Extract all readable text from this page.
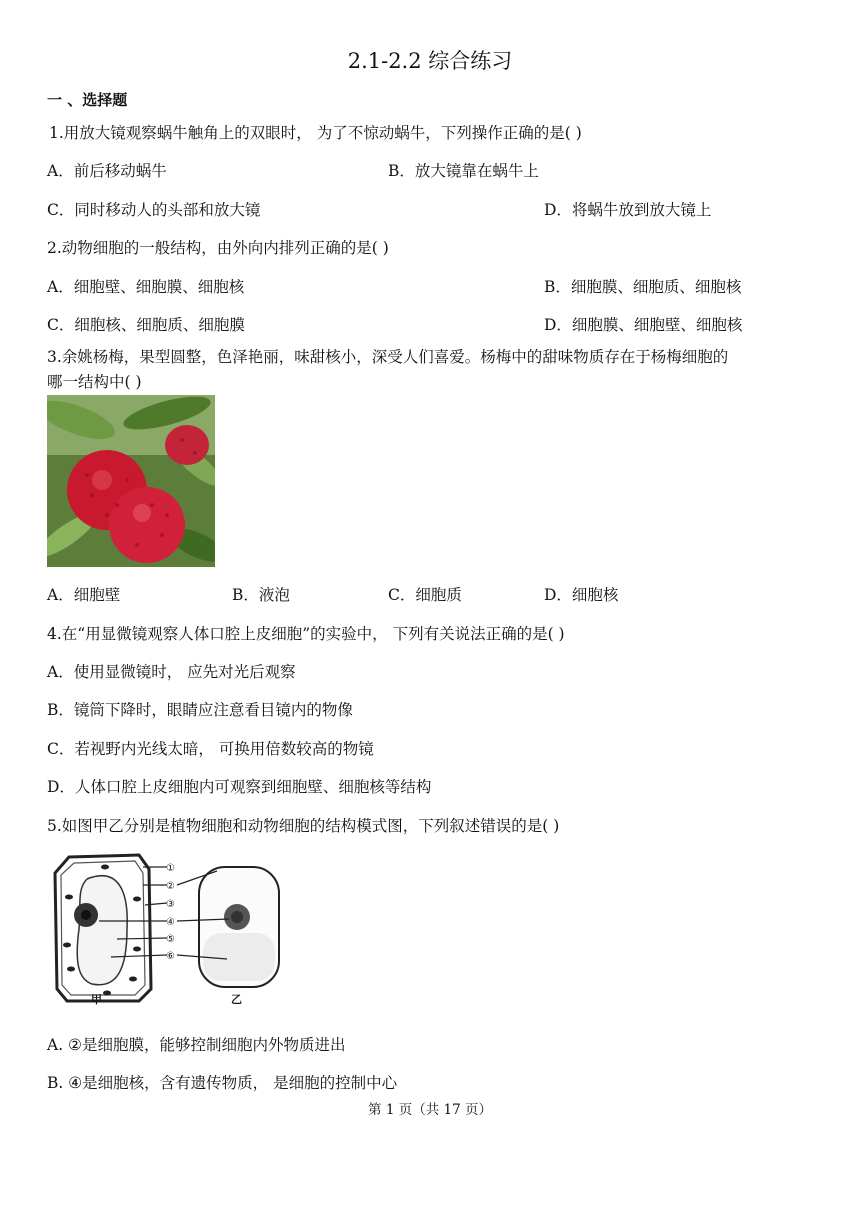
2.1-2.2 综合练习
一 、选择题
1.用放大镜观察蜗牛触角上的双眼时， 为了不惊动蜗牛，下列操作正确的是( )
A．前后移动蜗牛	B．放大镜靠在蜗牛上
C．同时移动人的头部和放大镜	D．将蜗牛放到放大镜上
2.动物细胞的一般结构，由外向内排列正确的是( )
A．细胞壁、细胞膜、细胞核	B．细胞膜、细胞质、细胞核
C．细胞核、细胞质、细胞膜	D．细胞膜、细胞壁、细胞核
3.余姚杨梅，果型圆整，色泽艳丽，味甜核小，深受人们喜爱。杨梅中的甜味物质存在于杨梅细胞的
哪一结构中( )
A．细胞壁	B．液泡	C．细胞质	D．细胞核
4.在“用显微镜观察人体口腔上皮细胞”的实验中， 下列有关说法正确的是( )
A．使用显微镜时， 应先对光后观察
B．镜筒下降时，眼睛应注意看目镜内的物像
C．若视野内光线太暗， 可换用倍数较高的物镜
D．人体口腔上皮细胞内可观察到细胞壁、细胞核等结构
5.如图甲乙分别是植物细胞和动物细胞的结构模式图，下列叙述错误的是( )
①
②
③
④
⑤
⑥
甲	乙
A. ②是细胞膜，能够控制细胞内外物质进出
B. ④是细胞核，含有遗传物质， 是细胞的控制中心
第 1 页（共 17 页）
